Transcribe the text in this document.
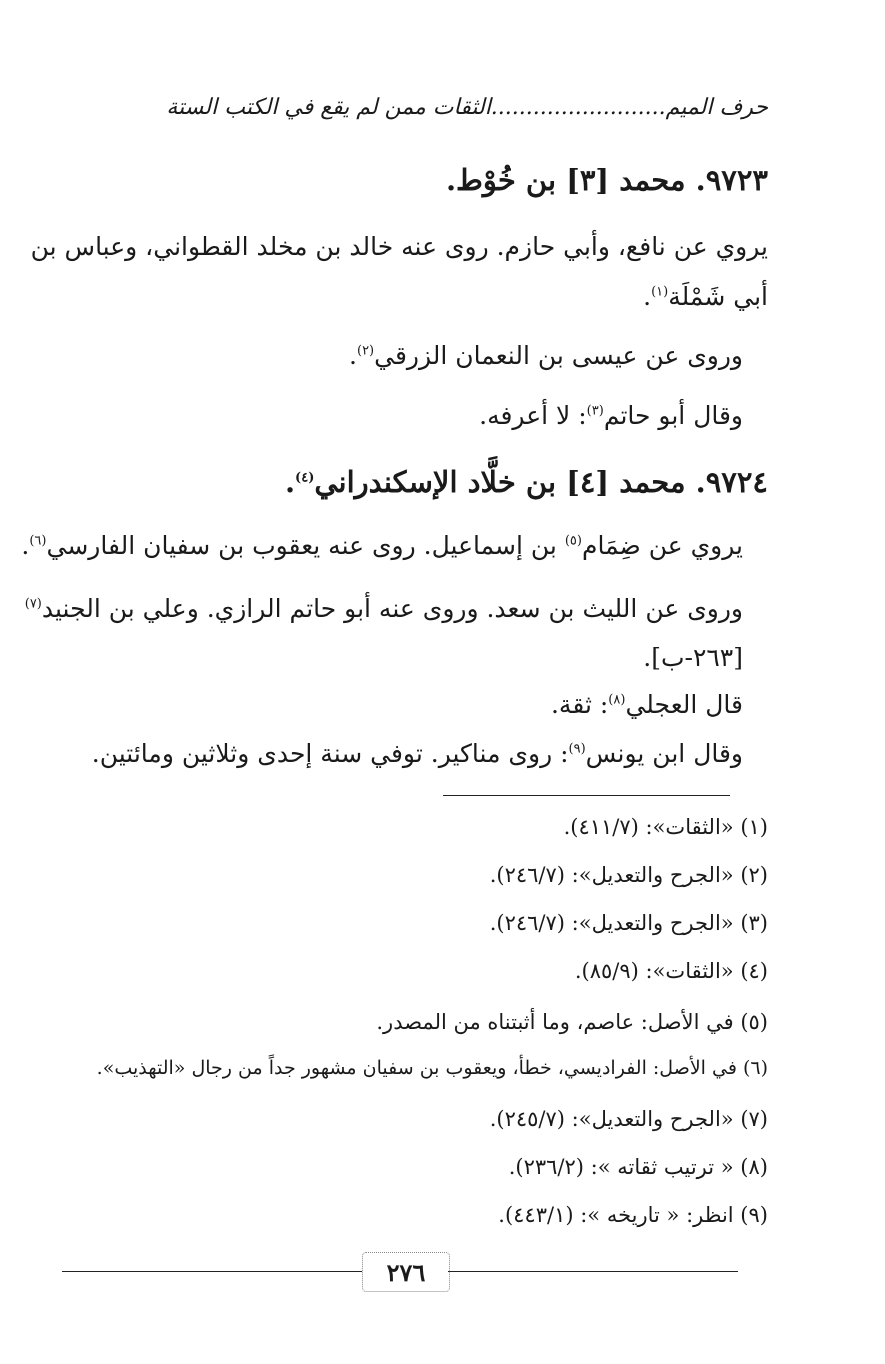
حرف الميم.........................الثقات ممن لم يقع في الكتب الستة
٩٧٢٣. محمد [٣] بن خُوْط.
يروي عن نافع، وأبي حازم. روى عنه خالد بن مخلد القطواني، وعباس بن
أبي شَمْلَة$^{(١)}$.
وروى عن عيسى بن النعمان الزرقي$^{(٢)}$.
وقال أبو حاتم$^{(٣)}$: لا أعرفه.
٩٧٢٤. محمد [٤] بن خلَّاد الإسكندراني$^{(٤)}$.
يروي عن ضِمَام$^{(٥)}$ بن إسماعيل. روى عنه يعقوب بن سفيان الفارسي$^{(٦)}$.
وروى عن الليث بن سعد. وروى عنه أبو حاتم الرازي. وعلي بن الجنيد$^{(٧)}$
[٢٦٣-ب].
قال العجلي$^{(٨)}$: ثقة.
وقال ابن يونس$^{(٩)}$: روى مناكير. توفي سنة إحدى وثلاثين ومائتين.
(١) «الثقات»: (٤١١/٧).
(٢) «الجرح والتعديل»: (٢٤٦/٧).
(٣) «الجرح والتعديل»: (٢٤٦/٧).
(٤) «الثقات»: (٨٥/٩).
(٥) في الأصل: عاصم، وما أثبتناه من المصدر.
(٦) في الأصل: الفراديسي، خطأ، ويعقوب بن سفيان مشهور جداً من رجال «التهذيب».
(٧) «الجرح والتعديل»: (٢٤٥/٧).
(٨) « ترتيب ثقاته »: (٢٣٦/٢).
(٩) انظر: « تاريخه »: (٤٤٣/١).
٢٧٦
